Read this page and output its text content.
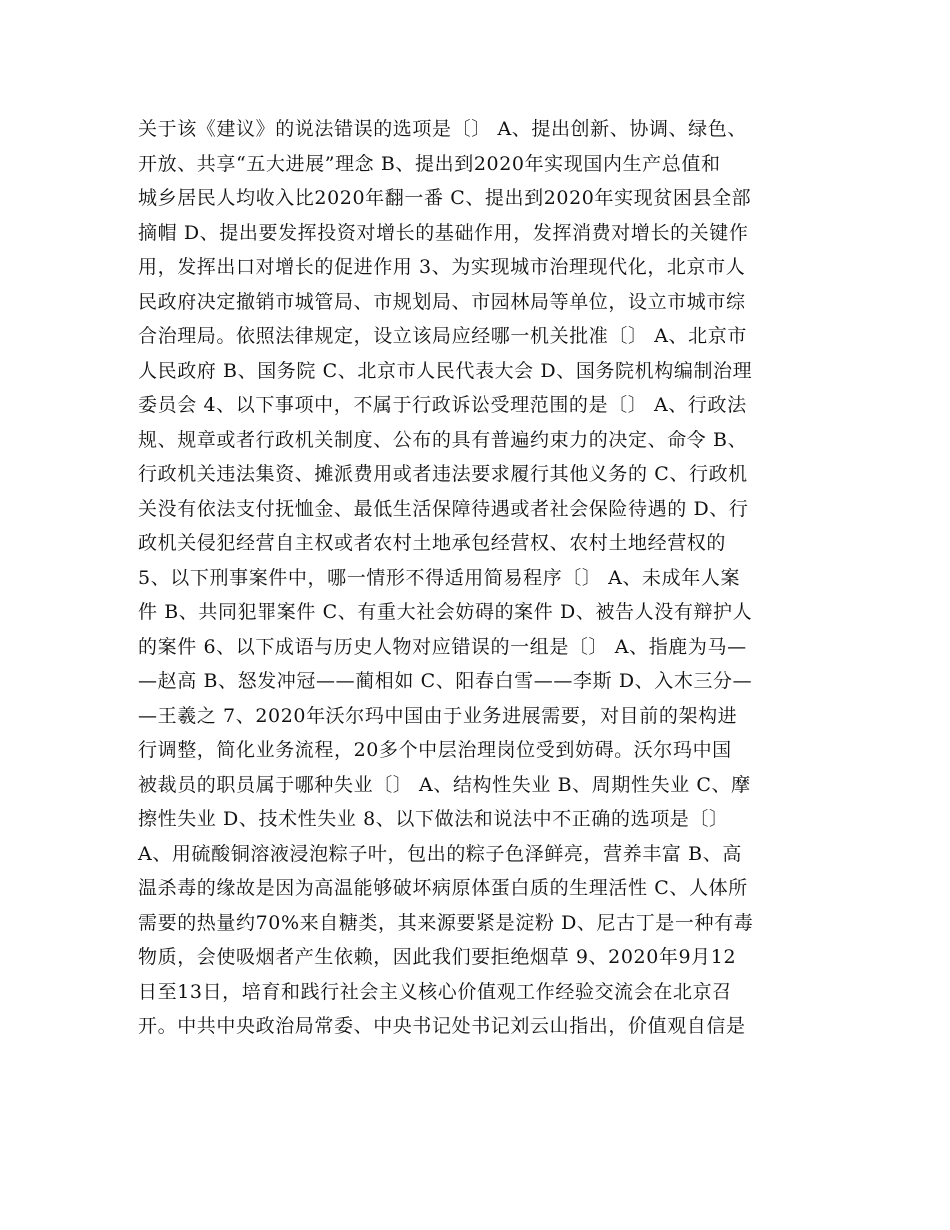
关于该《建议》的说法错误的选项是〔〕 A、提出创新、协调、绿色、
开放、共享“五大进展”理念 B、提出到2020年实现国内生产总值和
城乡居民人均收入比2020年翻一番 C、提出到2020年实现贫困县全部
摘帽 D、提出要发挥投资对增长的基础作用，发挥消费对增长的关键作
用，发挥出口对增长的促进作用 3、为实现城市治理现代化，北京市人
民政府决定撤销市城管局、市规划局、市园林局等单位，设立市城市综
合治理局。依照法律规定，设立该局应经哪一机关批准〔〕 A、北京市
人民政府 B、国务院 C、北京市人民代表大会 D、国务院机构编制治理
委员会 4、以下事项中，不属于行政诉讼受理范围的是〔〕 A、行政法
规、规章或者行政机关制度、公布的具有普遍约束力的决定、命令 B、
行政机关违法集资、摊派费用或者违法要求履行其他义务的 C、行政机
关没有依法支付抚恤金、最低生活保障待遇或者社会保险待遇的 D、行
政机关侵犯经营自主权或者农村土地承包经营权、农村土地经营权的
5、以下刑事案件中，哪一情形不得适用简易程序〔〕 A、未成年人案
件 B、共同犯罪案件 C、有重大社会妨碍的案件 D、被告人没有辩护人
的案件 6、以下成语与历史人物对应错误的一组是〔〕 A、指鹿为马—
—赵高 B、怒发冲冠——蔺相如 C、阳春白雪——李斯 D、入木三分—
—王羲之 7、2020年沃尔玛中国由于业务进展需要，对目前的架构进
行调整，简化业务流程，20多个中层治理岗位受到妨碍。沃尔玛中国
被裁员的职员属于哪种失业〔〕 A、结构性失业 B、周期性失业 C、摩
擦性失业 D、技术性失业 8、以下做法和说法中不正确的选项是〔〕
A、用硫酸铜溶液浸泡粽子叶，包出的粽子色泽鲜亮，营养丰富 B、高
温杀毒的缘故是因为高温能够破坏病原体蛋白质的生理活性 C、人体所
需要的热量约70%来自糖类，其来源要紧是淀粉 D、尼古丁是一种有毒
物质，会使吸烟者产生依赖，因此我们要拒绝烟草 9、2020年9月12
日至13日，培育和践行社会主义核心价值观工作经验交流会在北京召
开。中共中央政治局常委、中央书记处书记刘云山指出，价值观自信是
